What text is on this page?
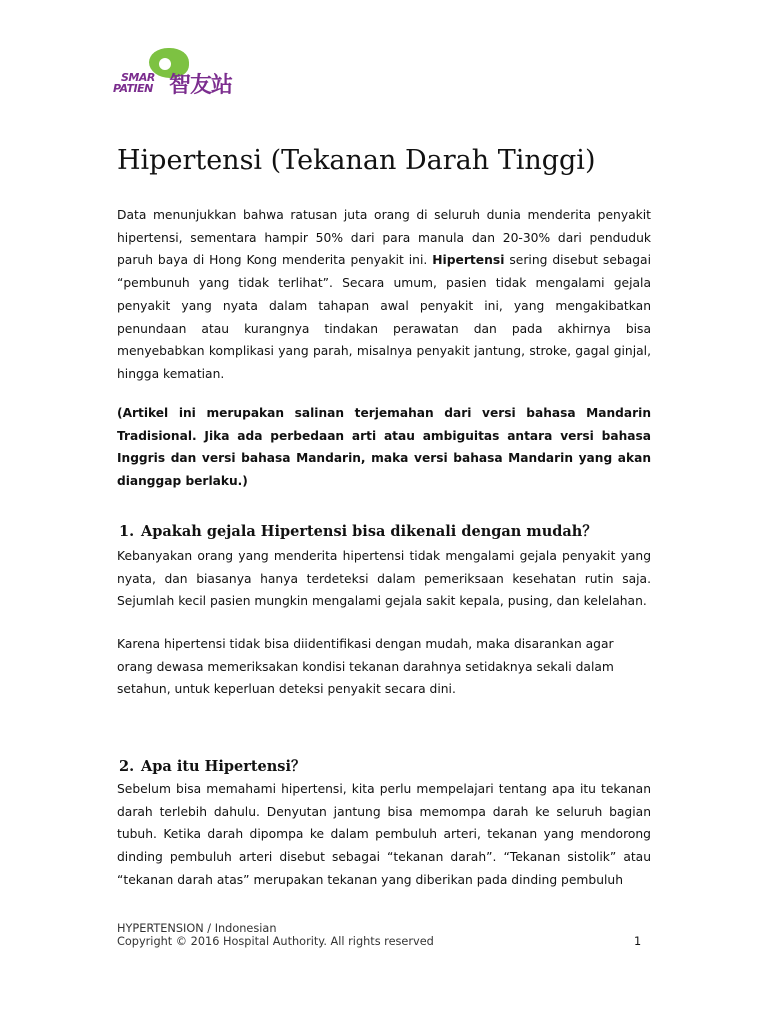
SMAR
PATIEN 智友站
Hipertensi (Tekanan Darah Tinggi)

Data menunjukkan bahwa ratusan juta orang di seluruh dunia menderita penyakit hipertensi, sementara hampir 50% dari para manula dan 20-30% dari penduduk paruh baya di Hong Kong menderita penyakit ini. Hipertensi sering disebut sebagai “pembunuh yang tidak terlihat”. Secara umum, pasien tidak mengalami gejala penyakit yang nyata dalam tahapan awal penyakit ini, yang mengakibatkan penundaan atau kurangnya tindakan perawatan dan pada akhirnya bisa menyebabkan komplikasi yang parah, misalnya penyakit jantung, stroke, gagal ginjal, hingga kematian.

(Artikel ini merupakan salinan terjemahan dari versi bahasa Mandarin Tradisional. Jika ada perbedaan arti atau ambiguitas antara versi bahasa Inggris dan versi bahasa Mandarin, maka versi bahasa Mandarin yang akan dianggap berlaku.)

1. Apakah gejala Hipertensi bisa dikenali dengan mudah？

Kebanyakan orang yang menderita hipertensi tidak mengalami gejala penyakit yang nyata, dan biasanya hanya terdeteksi dalam pemeriksaan kesehatan rutin saja. Sejumlah kecil pasien mungkin mengalami gejala sakit kepala, pusing, dan kelelahan.

Karena hipertensi tidak bisa diidentifikasi dengan mudah, maka disarankan agar orang dewasa memeriksakan kondisi tekanan darahnya setidaknya sekali dalam setahun, untuk keperluan deteksi penyakit secara dini.

2. Apa itu Hipertensi？

Sebelum bisa memahami hipertensi, kita perlu mempelajari tentang apa itu tekanan darah terlebih dahulu. Denyutan jantung bisa memompa darah ke seluruh bagian tubuh. Ketika darah dipompa ke dalam pembuluh arteri, tekanan yang mendorong dinding pembuluh arteri disebut sebagai “tekanan darah”. “Tekanan sistolik” atau “tekanan darah atas” merupakan tekanan yang diberikan pada dinding pembuluh

HYPERTENSION / Indonesian
Copyright © 2016 Hospital Authority. All rights reserved	1
